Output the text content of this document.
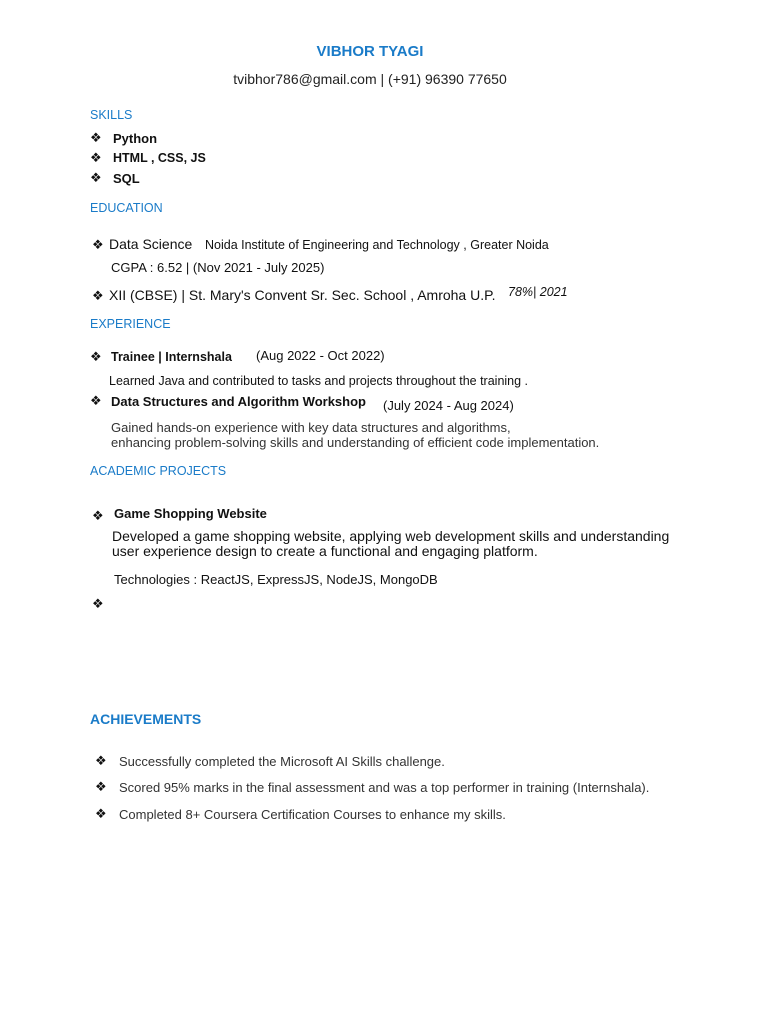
VIBHOR TYAGI
tvibhor786@gmail.com | (+91) 96390 77650
SKILLS
❖ Python
❖ HTML , CSS, JS
❖ SQL
EDUCATION
❖ Data Science Noida Institute of Engineering and Technology , Greater Noida
CGPA : 6.52 | (Nov 2021 - July 2025)
❖ XII (CBSE) | St. Mary's Convent Sr. Sec. School , Amroha U.P. 78%| 2021
EXPERIENCE
❖ Trainee | Internshala (Aug 2022 - Oct 2022)
Learned Java and contributed to tasks and projects throughout the training .
❖ Data Structures and Algorithm Workshop (July 2024 - Aug 2024)
Gained hands-on experience with key data structures and algorithms,
enhancing problem-solving skills and understanding of efficient code implementation.
ACADEMIC PROJECTS
❖ Game Shopping Website
Developed a game shopping website, applying web development skills and understanding
user experience design to create a functional and engaging platform.
Technologies : ReactJS, ExpressJS, NodeJS, MongoDB
❖
ACHIEVEMENTS
❖ Successfully completed the Microsoft AI Skills challenge.
❖ Scored 95% marks in the final assessment and was a top performer in training (Internshala).
❖ Completed 8+ Coursera Certification Courses to enhance my skills.
